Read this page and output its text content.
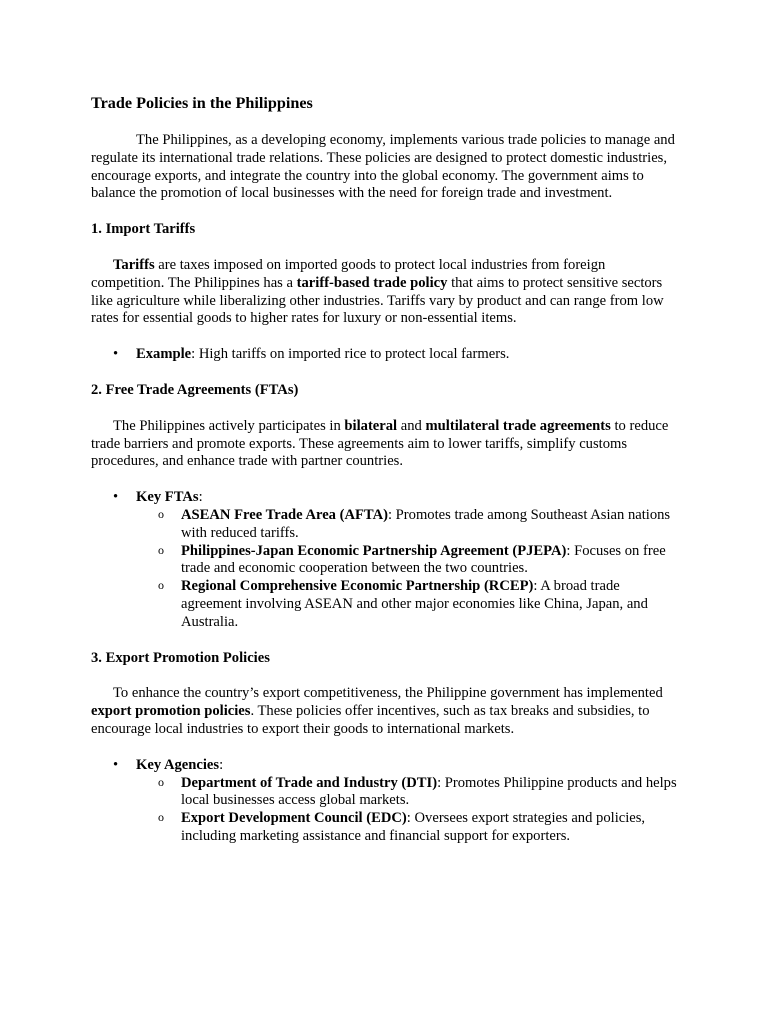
Trade Policies in the Philippines

The Philippines, as a developing economy, implements various trade policies to manage and regulate its international trade relations. These policies are designed to protect domestic industries, encourage exports, and integrate the country into the global economy. The government aims to balance the promotion of local businesses with the need for foreign trade and investment.

1. Import Tariffs

Tariffs are taxes imposed on imported goods to protect local industries from foreign competition. The Philippines has a tariff-based trade policy that aims to protect sensitive sectors like agriculture while liberalizing other industries. Tariffs vary by product and can range from low rates for essential goods to higher rates for luxury or non-essential items.

• Example: High tariffs on imported rice to protect local farmers.
2. Free Trade Agreements (FTAs)

The Philippines actively participates in bilateral and multilateral trade agreements to reduce trade barriers and promote exports. These agreements aim to lower tariffs, simplify customs procedures, and enhance trade with partner countries.

• Key FTAs:
o ASEAN Free Trade Area (AFTA): Promotes trade among Southeast Asian nations with reduced tariffs.
o Philippines-Japan Economic Partnership Agreement (PJEPA): Focuses on free trade and economic cooperation between the two countries.
o Regional Comprehensive Economic Partnership (RCEP): A broad trade agreement involving ASEAN and other major economies like China, Japan, and Australia.
3. Export Promotion Policies

To enhance the country’s export competitiveness, the Philippine government has implemented export promotion policies. These policies offer incentives, such as tax breaks and subsidies, to encourage local industries to export their goods to international markets.

• Key Agencies:
o Department of Trade and Industry (DTI): Promotes Philippine products and helps local businesses access global markets.
o Export Development Council (EDC): Oversees export strategies and policies, including marketing assistance and financial support for exporters.
